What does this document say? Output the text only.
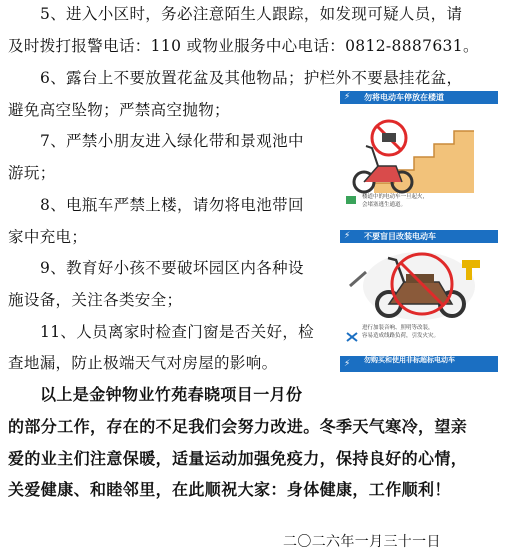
5、进入小区时，务必注意陌生人跟踪，如发现可疑人员，请
及时拨打报警电话：110 或物业服务中心电话：0812-8887631。
6、露台上不要放置花盆及其他物品；护栏外不要悬挂花盆，
避免高空坠物；严禁高空抛物；
7、严禁小朋友进入绿化带和景观池中
游玩；
8、电瓶车严禁上楼，请勿将电池带回
家中充电；
9、教育好小孩不要破坏园区内各种设
施设备，关注各类安全；
11、人员离家时检查门窗是否关好，检
查地漏，防止极端天气对房屋的影响。
以上是金钟物业竹苑春晓项目一月份
的部分工作，存在的不足我们会努力改进。冬季天气寒冷，望亲
爱的业主们注意保暖，适量运动加强免疫力，保持良好的心情，
关爱健康、和睦邻里，在此顺祝大家：身体健康，工作顺利！
二〇二六年一月三十一日
⚡	勿将电动车停放在楼道
楼道中的电动车一旦起火，
会堵塞逃生通道。
⚡	不要盲目改装电动车
进行加装音响、照明等改装，
容易造成线路负荷，引发火灾。
⚡	勿购买和使用非标超标电动车
